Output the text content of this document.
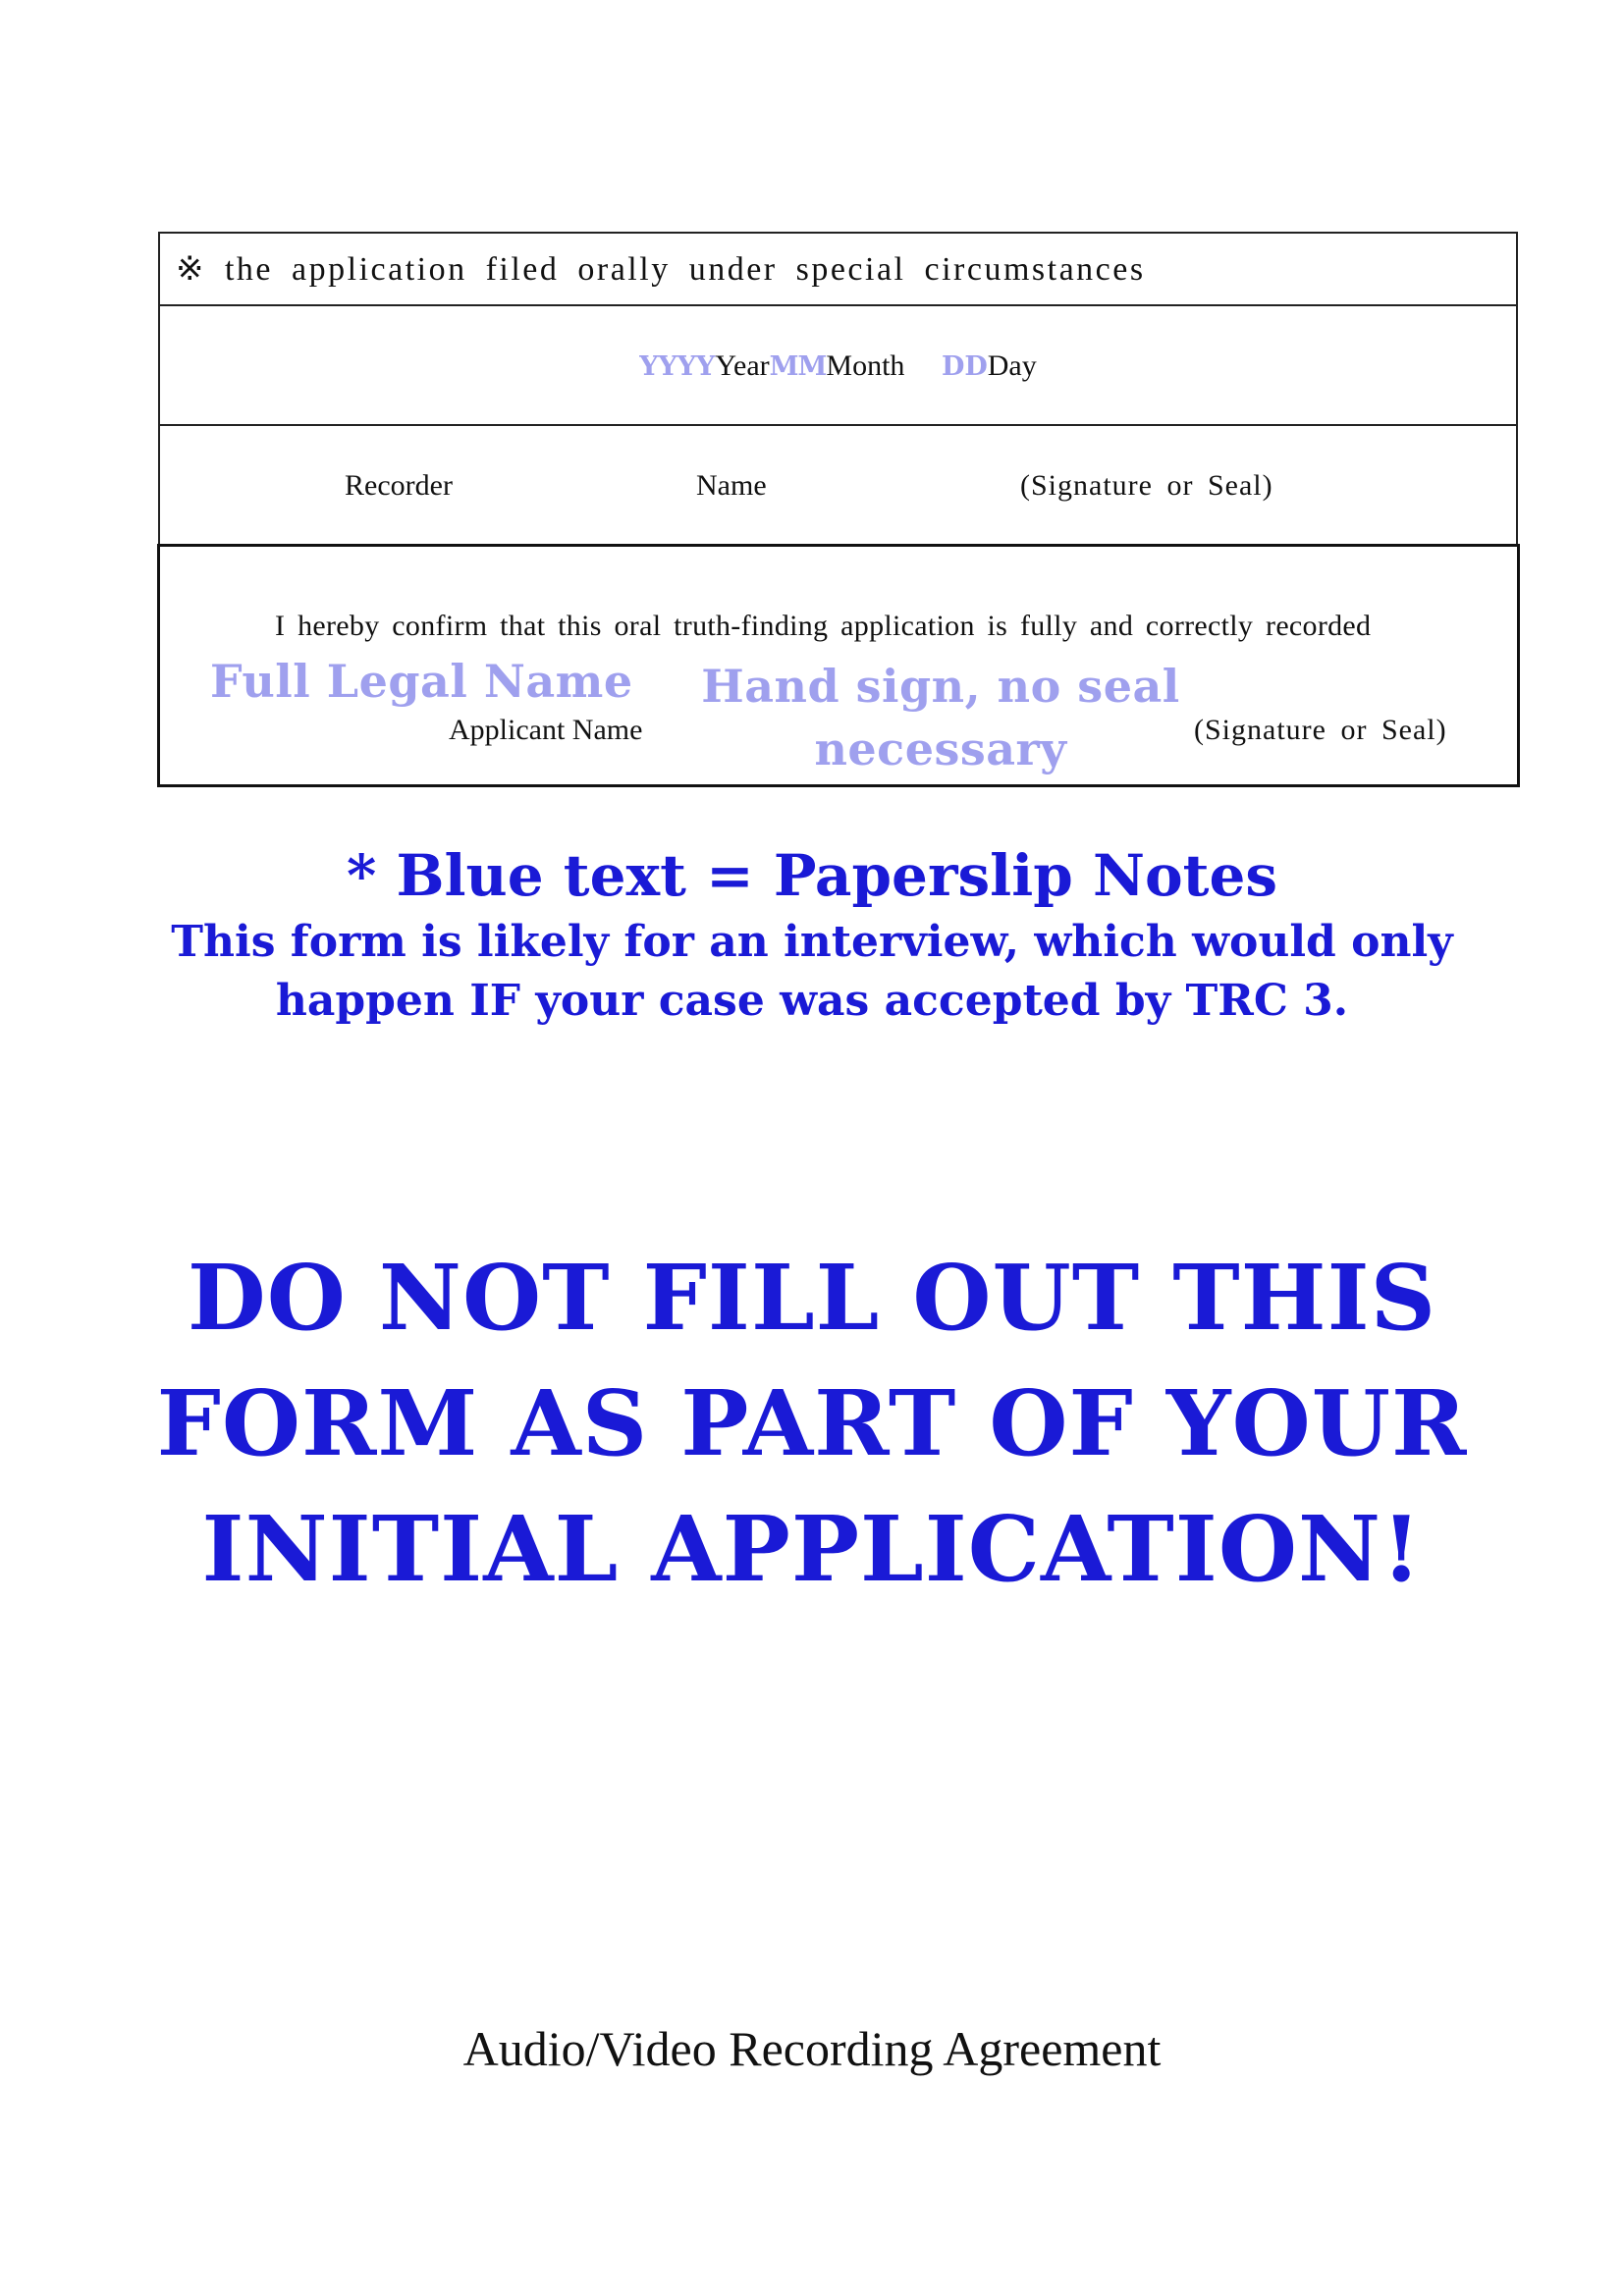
※ the application filed orally under special circumstances
YYYYYearMMMonth DDDay
Recorder	Name	(Signature or Seal)
I hereby confirm that this oral truth-finding application is fully and correctly recorded
Full Legal Name Hand sign, no seal necessary
Applicant Name	(Signature or Seal)
* Blue text = Paperslip Notes
This form is likely for an interview, which would only happen IF your case was accepted by TRC 3.
DO NOT FILL OUT THIS FORM AS PART OF YOUR INITIAL APPLICATION!
Audio/Video Recording Agreement
